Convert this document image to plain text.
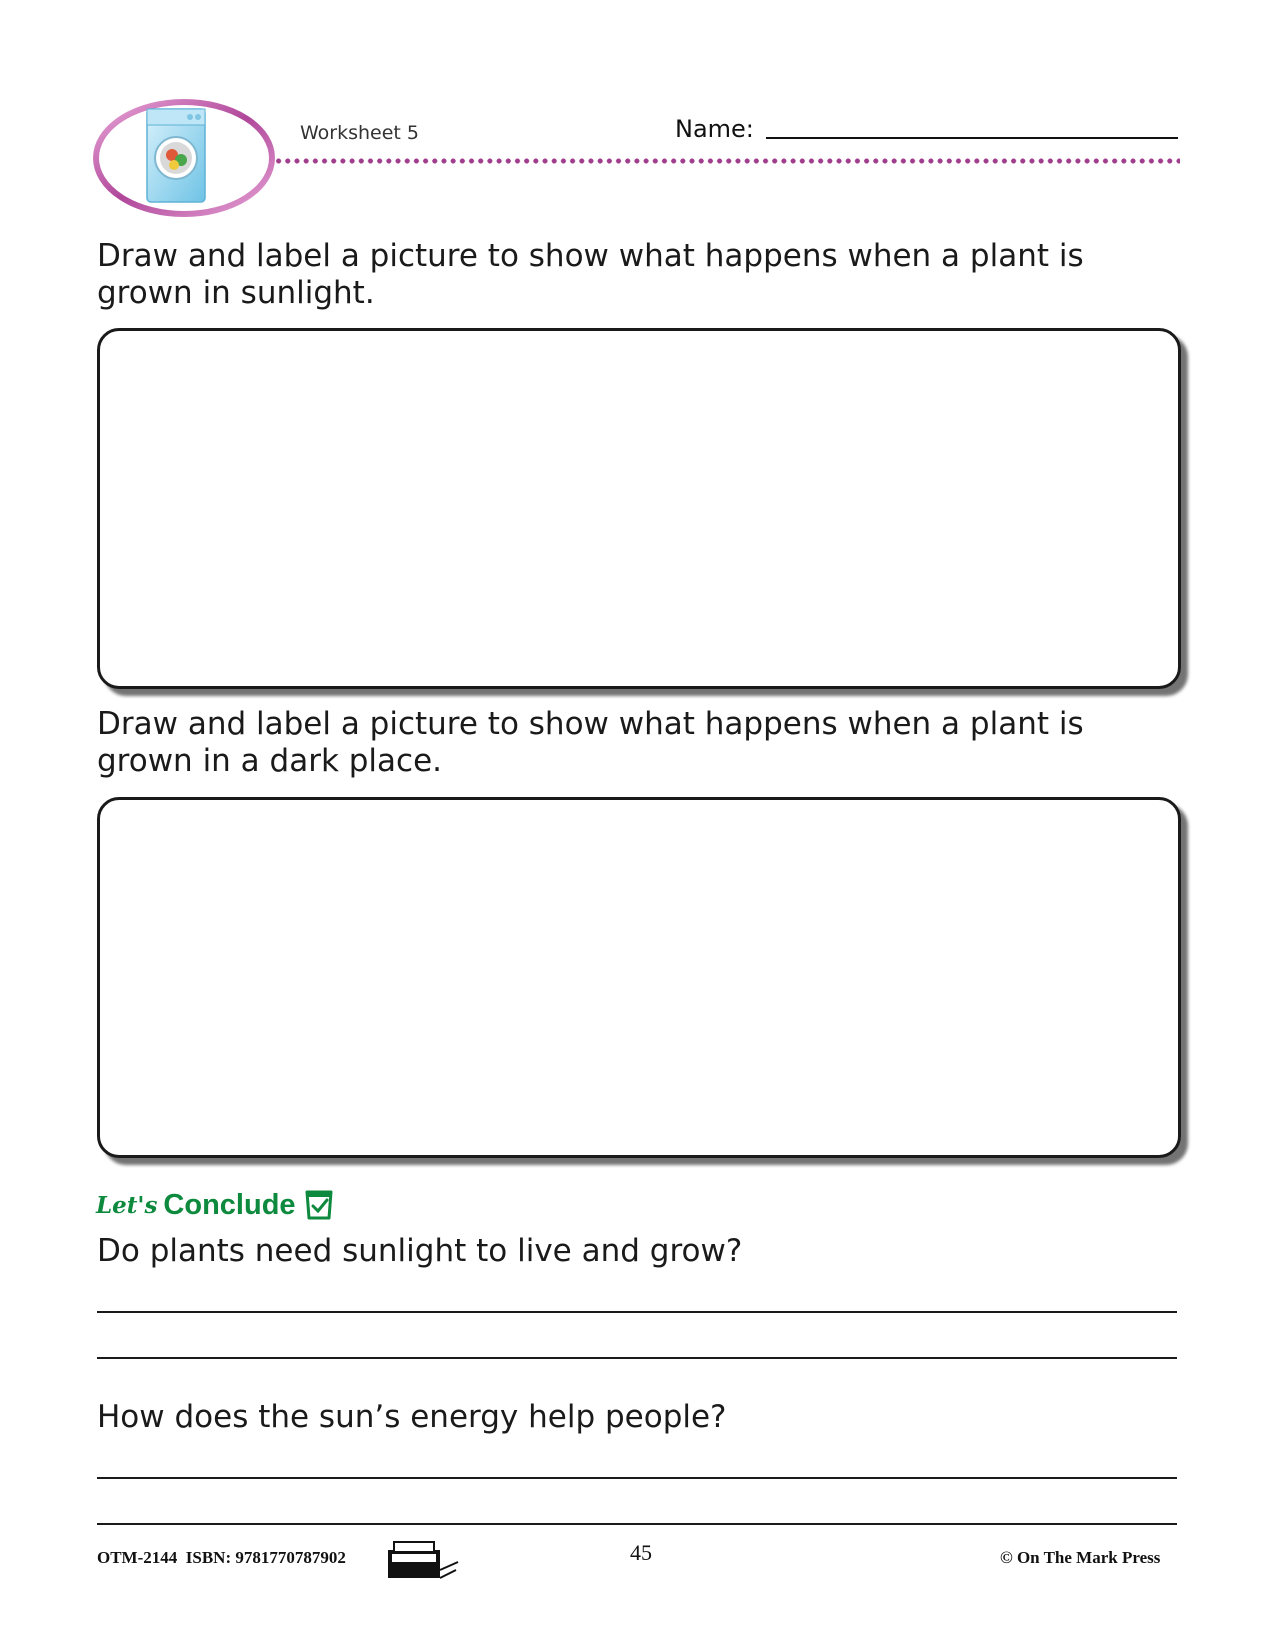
Worksheet 5	Name:
Draw and label a picture to show what happens when a plant is grown in sunlight.
Draw and label a picture to show what happens when a plant is grown in a dark place.
Let's Conclude
Do plants need sunlight to live and grow?
How does the sun’s energy help people?
OTM-2144  ISBN: 9781770787902	45	© On The Mark Press
